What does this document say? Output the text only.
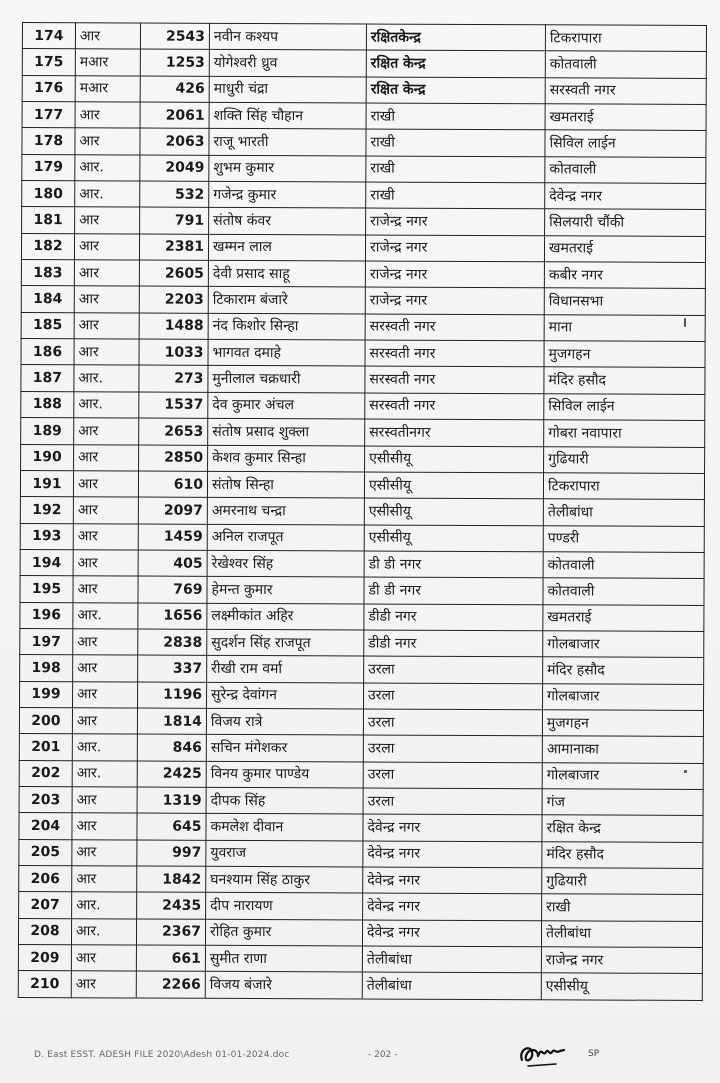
174	आर	2543	नवीन कश्यप	रक्षितकेन्द्र	टिकरापारा
175	मआर	1253	योगेश्वरी ध्रुव	रक्षित केन्द्र	कोतवाली
176	मआर	426	माधुरी चंद्रा	रक्षित केन्द्र	सरस्वती नगर
177	आर	2061	शक्ति सिंह चौहान	राखी	खमतराई
178	आर	2063	राजू भारती	राखी	सिविल लाईन
179	आर.	2049	शुभम कुमार	राखी	कोतवाली
180	आर.	532	गजेन्द्र कुमार	राखी	देवेन्द्र नगर
181	आर	791	संतोष कंवर	राजेन्द्र नगर	सिलयारी चौंकी
182	आर	2381	खम्मन लाल	राजेन्द्र नगर	खमतराई
183	आर	2605	देवी प्रसाद साहू	राजेन्द्र नगर	कबीर नगर
184	आर	2203	टिकाराम बंजारे	राजेन्द्र नगर	विधानसभा
185	आर	1488	नंद किशोर सिन्हा	सरस्वती नगर	माना
186	आर	1033	भागवत दमाहे	सरस्वती नगर	मुजगहन
187	आर.	273	मुनीलाल चक्रधारी	सरस्वती नगर	मंदिर हसौद
188	आर.	1537	देव कुमार अंचल	सरस्वती नगर	सिविल लाईन
189	आर	2653	संतोष प्रसाद शुक्ला	सरस्वतीनगर	गोबरा नवापारा
190	आर	2850	केशव कुमार सिन्हा	एसीसीयू	गुढियारी
191	आर	610	संतोष सिन्हा	एसीसीयू	टिकरापारा
192	आर	2097	अमरनाथ चन्द्रा	एसीसीयू	तेलीबांधा
193	आर	1459	अनिल राजपूत	एसीसीयू	पण्डरी
194	आर	405	रेखेश्वर सिंह	डी डी नगर	कोतवाली
195	आर	769	हेमन्त कुमार	डी डी नगर	कोतवाली
196	आर.	1656	लक्ष्मीकांत अहिर	डीडी नगर	खमतराई
197	आर	2838	सुदर्शन सिंह राजपूत	डीडी नगर	गोलबाजार
198	आर	337	रीखी राम वर्मा	उरला	मंदिर हसौद
199	आर	1196	सुरेन्द्र देवांगन	उरला	गोलबाजार
200	आर	1814	विजय रात्रे	उरला	मुजगहन
201	आर.	846	सचिन मंगेशकर	उरला	आमानाका
202	आर.	2425	विनय कुमार पाण्डेय	उरला	गोलबाजार
203	आर	1319	दीपक सिंह	उरला	गंज
204	आर	645	कमलेश दीवान	देवेन्द्र नगर	रक्षित केन्द्र
205	आर	997	युवराज	देवेन्द्र नगर	मंदिर हसौद
206	आर	1842	घनश्याम सिंह ठाकुर	देवेन्द्र नगर	गुढियारी
207	आर.	2435	दीप नारायण	देवेन्द्र नगर	राखी
208	आर.	2367	रोहित कुमार	देवेन्द्र नगर	तेलीबांधा
209	आर	661	सुमीत राणा	तेलीबांधा	राजेन्द्र नगर
210	आर	2266	विजय बंजारे	तेलीबांधा	एसीसीयू
D. East ESST. ADESH FILE 2020\Adesh 01-01-2024.doc	- 202 -	SP
